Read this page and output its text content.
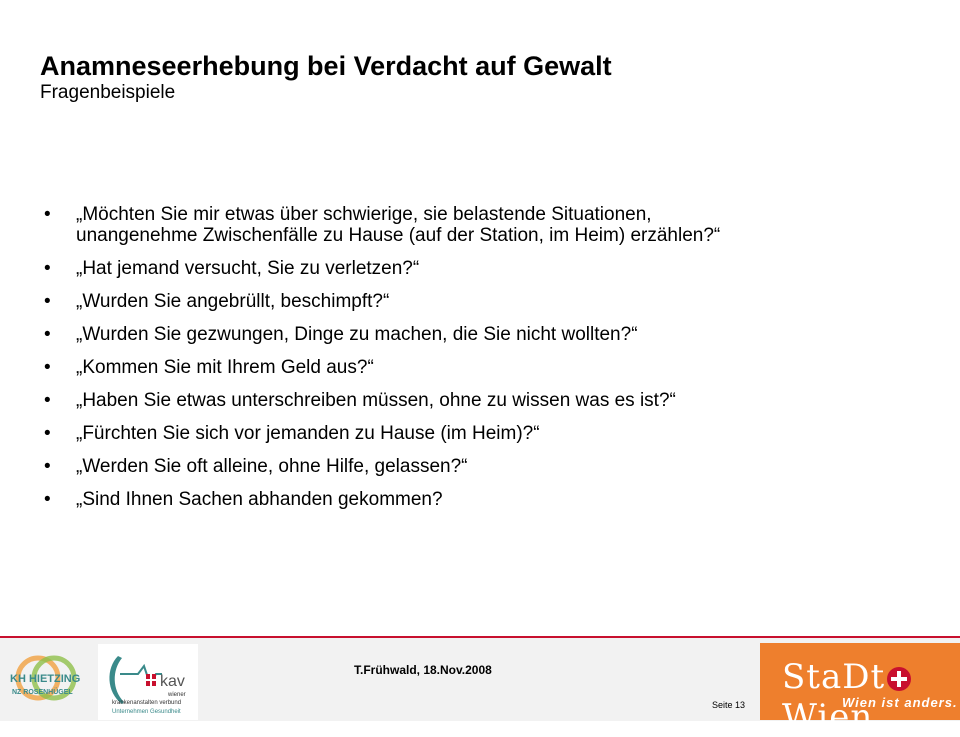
Anamneseerhebung bei Verdacht auf Gewalt
Fragenbeispiele
•	„Möchten Sie mir etwas über schwierige, sie belastende Situationen,
unangenehme Zwischenfälle zu Hause (auf der Station, im Heim) erzählen?“
•	„Hat jemand versucht, Sie zu verletzen?“
•	„Wurden Sie angebrüllt, beschimpft?“
•	„Wurden Sie gezwungen, Dinge zu machen, die Sie nicht wollten?“
•	„Kommen Sie mit Ihrem Geld aus?“
•	„Haben Sie etwas unterschreiben müssen, ohne zu wissen was es ist?“
•	„Fürchten Sie sich vor jemanden zu Hause (im Heim)?“
•	„Werden Sie oft alleine, ohne Hilfe, gelassen?“
•	„Sind Ihnen Sachen abhanden gekommen?
KH HIETZING
NZ ROSENHÜGEL
kav
wiener
krankenanstalten verbund
Unternehmen Gesundheit
T.Frühwald, 18.Nov.2008
Seite 13
StaDtWien
Wien ist anders.
